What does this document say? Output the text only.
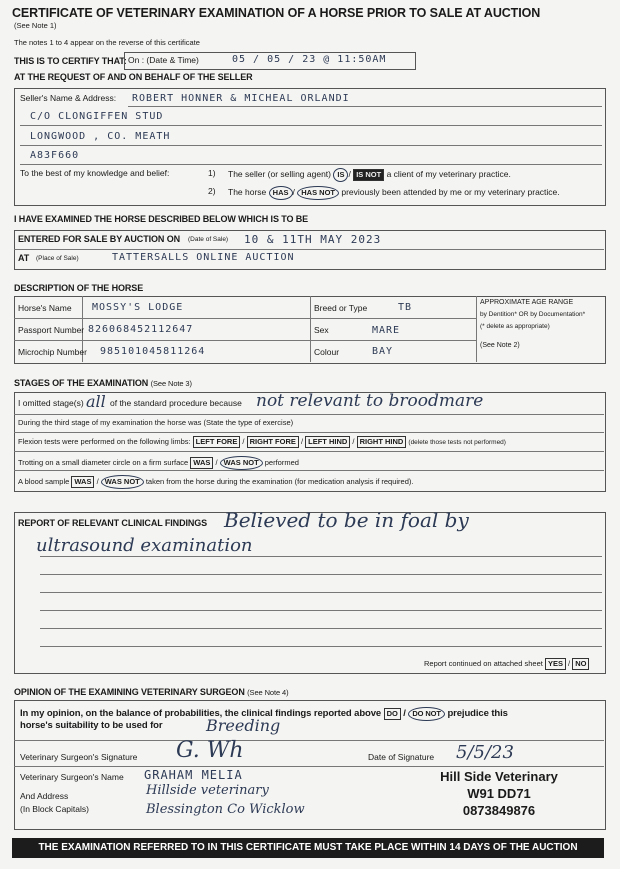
CERTIFICATE OF VETERINARY EXAMINATION OF A HORSE PRIOR TO SALE AT AUCTION
(See Note 1)
The notes 1 to 4 appear on the reverse of this certificate
THIS IS TO CERTIFY THAT: On : (Date & Time)	05 / 05 / 23 @ 11:50AM
AT THE REQUEST OF AND ON BEHALF OF THE SELLER
Seller's Name & Address: ROBERT HONNER & MICHEAL ORLANDI
C/O CLONGIFFEN STUD
LONGWOOD , CO. MEATH
A83F660
To the best of my knowledge and belief:	1) The seller (or selling agent) IS / IS NOT a client of my veterinary practice.
2) The horse HAS / HAS NOT previously been attended by me or my veterinary practice.
I HAVE EXAMINED THE HORSE DESCRIBED BELOW WHICH IS TO BE
ENTERED FOR SALE BY AUCTION ON (Date of Sale) 10 & 11TH MAY 2023
AT (Place of Sale)	TATTERSALLS ONLINE AUCTION
DESCRIPTION OF THE HORSE
Horse's Name MOSSY'S LODGE	Breed or Type	TB	APPROXIMATE AGE RANGE
by Dentition* OR by Documentation*
(* delete as appropriate)
(See Note 2)
Passport Number 826068452112647	Sex	MARE
Microchip Number 985101045811264	Colour	BAY
STAGES OF THE EXAMINATION (See Note 3)
I omitted stage(s) all of the standard procedure because not relevant to broodmare
During the third stage of my examination the horse was (State the type of exercise)
Flexion tests were performed on the following limbs: LEFT FORE / RIGHT FORE / LEFT HIND / RIGHT HIND (delete those tests not performed)
Trotting on a small diameter circle on a firm surface WAS / WAS NOT performed
A blood sample WAS / WAS NOT taken from the horse during the examination (for medication analysis if required).
REPORT OF RELEVANT CLINICAL FINDINGS Believed to be in foal by
ultrasound examination
Report continued on attached sheet YES / NO
OPINION OF THE EXAMINING VETERINARY SURGEON (See Note 4)
In my opinion, on the balance of probabilities, the clinical findings reported above DO / DO NOT prejudice this
horse's suitability to be used for	Breeding
Veterinary Surgeon's Signature G. Wh	Date of Signature 5/5/23
Veterinary Surgeon's Name GRAHAM MELIA
And Address
(In Block Capitals)
Hillside veterinary
Blessington Co Wicklow
Hill Side Veterinary
W91 DD71
0873849876
THE EXAMINATION REFERRED TO IN THIS CERTIFICATE MUST TAKE PLACE WITHIN 14 DAYS OF THE AUCTION
